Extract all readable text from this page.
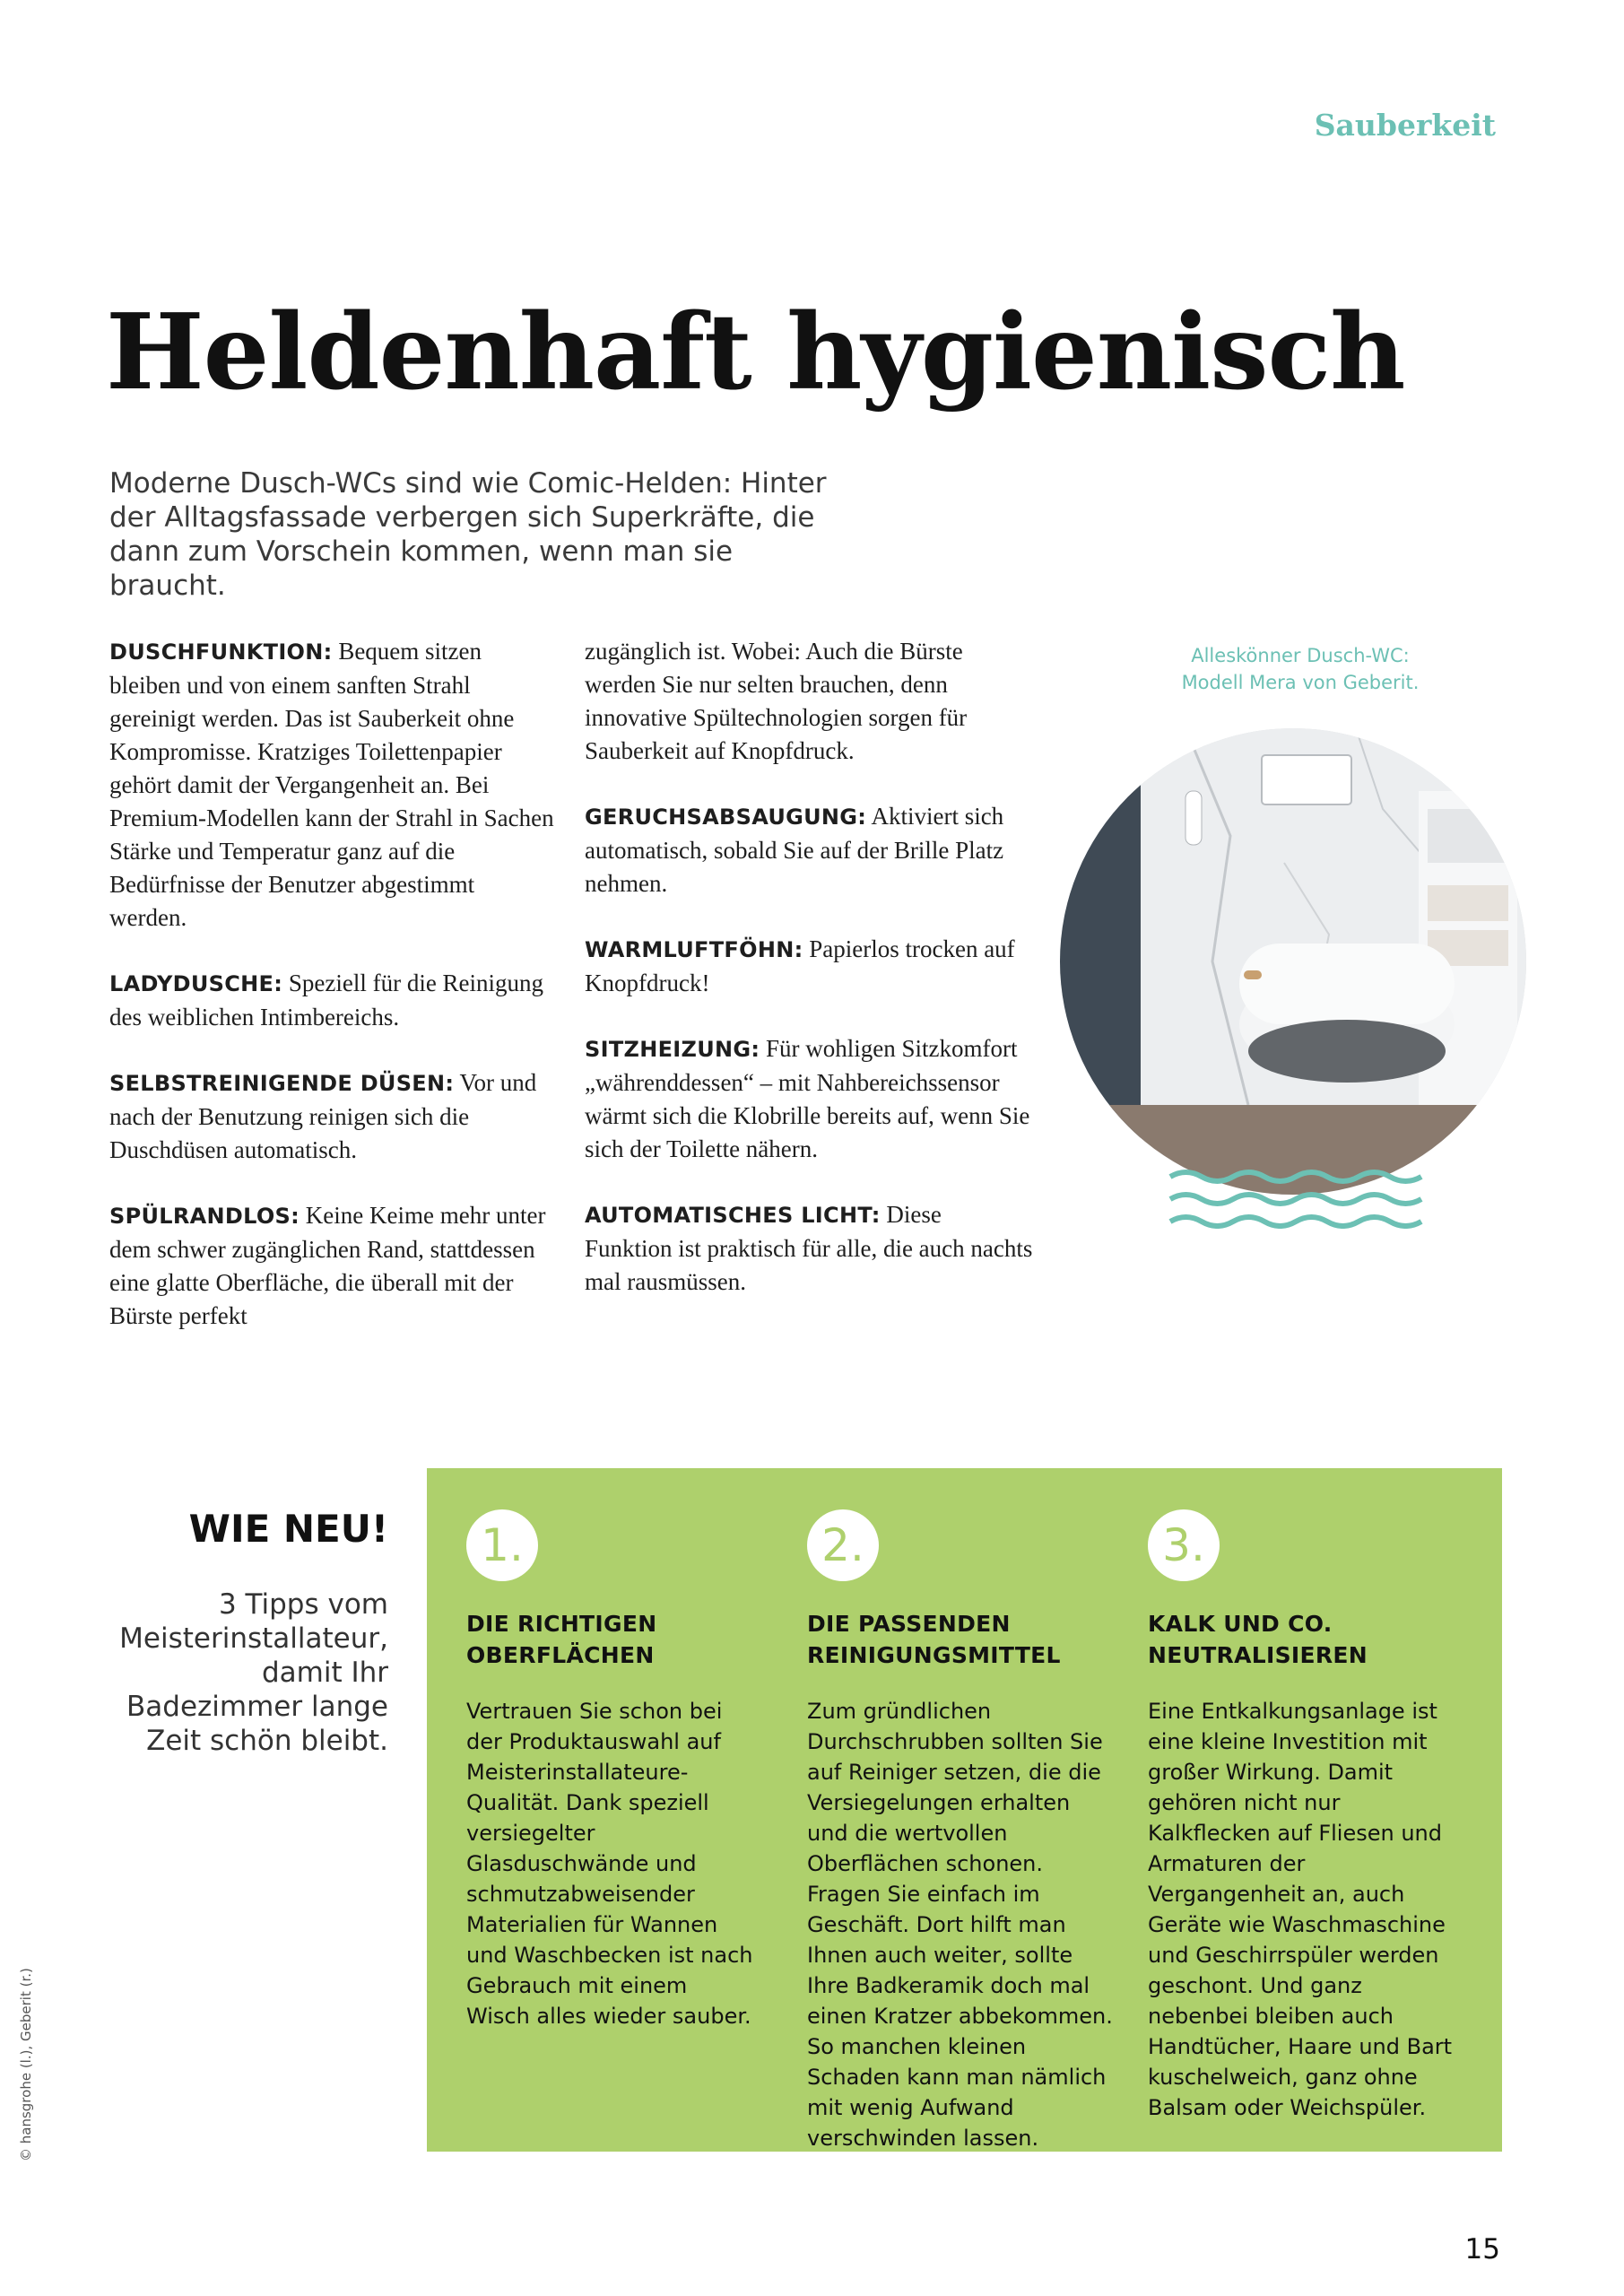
Sauberkeit
Heldenhaft hygienisch
Moderne Dusch-WCs sind wie Comic-Helden: Hinter der Alltagsfassade verbergen sich Superkräfte, die dann zum Vorschein kommen, wenn man sie braucht.

DUSCHFUNKTION: Bequem sitzen bleiben und von einem sanften Strahl gereinigt werden. Das ist Sauberkeit ohne Kompromisse. Kratziges Toilettenpapier gehört damit der Vergangenheit an. Bei Premium-Modellen kann der Strahl in Sachen Stärke und Temperatur ganz auf die Bedürfnisse der Benutzer abgestimmt werden.

LADYDUSCHE: Speziell für die Reinigung des weiblichen Intimbereichs.

SELBSTREINIGENDE DÜSEN: Vor und nach der Benutzung reinigen sich die Duschdüsen automatisch.

SPÜLRANDLOS: Keine Keime mehr unter dem schwer zugänglichen Rand, stattdessen eine glatte Oberfläche, die überall mit der Bürste perfekt

zugänglich ist. Wobei: Auch die Bürste werden Sie nur selten brauchen, denn innovative Spültechnologien sorgen für Sauberkeit auf Knopfdruck.

GERUCHSABSAUGUNG: Aktiviert sich automatisch, sobald Sie auf der Brille Platz nehmen.

WARMLUFTFÖHN: Papierlos trocken auf Knopfdruck!

SITZHEIZUNG: Für wohligen Sitzkomfort „währenddessen“ – mit Nahbereichssensor wärmt sich die Klobrille bereits auf, wenn Sie sich der Toilette nähern.

AUTOMATISCHES LICHT: Diese Funktion ist praktisch für alle, die auch nachts mal rausmüssen.

Alleskönner Dusch-WC:
Modell Mera von Geberit.
WIE NEU!
3 Tipps vom Meisterinstallateur, damit Ihr Badezimmer lange Zeit schön bleibt.
1.
DIE RICHTIGEN OBERFLÄCHEN
Vertrauen Sie schon bei der Produktauswahl auf Meisterinstallateure-Qualität. Dank speziell versiegelter Glasduschwände und schmutzabweisender Materialien für Wannen und Waschbecken ist nach Gebrauch mit einem Wisch alles wieder sauber.
2.
DIE PASSENDEN REINIGUNGSMITTEL
Zum gründlichen Durchschrubben sollten Sie auf Reiniger setzen, die die Versiegelungen erhalten und die wertvollen Oberflächen schonen. Fragen Sie einfach im Geschäft. Dort hilft man Ihnen auch weiter, sollte Ihre Badkeramik doch mal einen Kratzer abbekommen. So manchen kleinen Schaden kann man nämlich mit wenig Aufwand verschwinden lassen.
3.
KALK UND CO. NEUTRALISIEREN
Eine Entkalkungsanlage ist eine kleine Investition mit großer Wirkung. Damit gehören nicht nur Kalkflecken auf Fliesen und Armaturen der Vergangenheit an, auch Geräte wie Waschmaschine und Geschirrspüler werden geschont. Und ganz nebenbei bleiben auch Handtücher, Haare und Bart kuschelweich, ganz ohne Balsam oder Weichspüler.
© hansgrohe (l.), Geberit (r.)
15
